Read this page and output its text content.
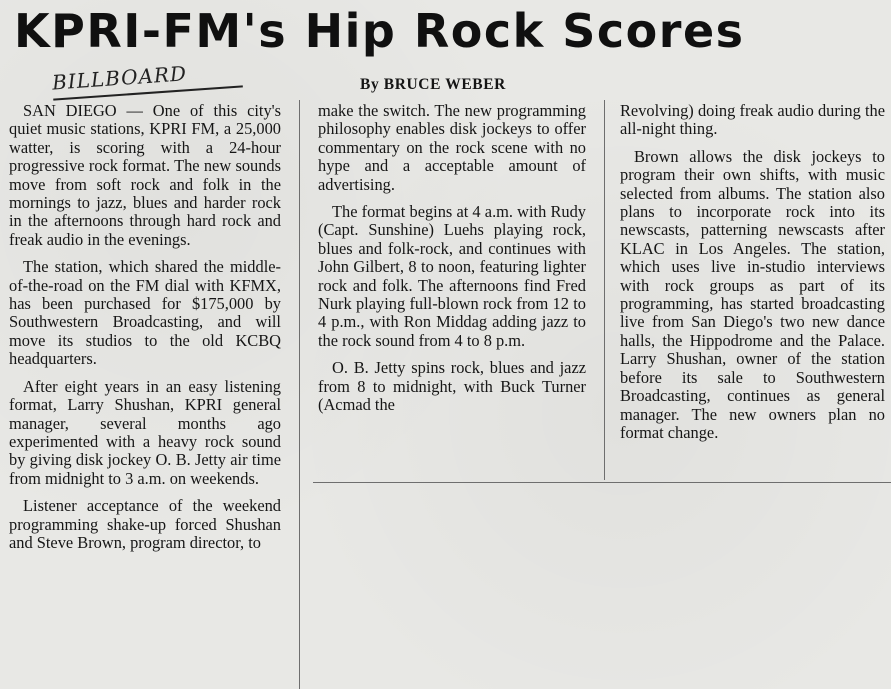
KPRI-FM's Hip Rock Scores
BILLBOARD	By BRUCE WEBER

SAN DIEGO — One of this city's quiet music stations, KPRI FM, a 25,000 watter, is scoring with a 24-hour progressive rock format. The new sounds move from soft rock and folk in the mornings to jazz, blues and harder rock in the afternoons through hard rock and freak audio in the evenings.

The station, which shared the middle-of-the-road on the FM dial with KFMX, has been purchased for $175,000 by Southwestern Broadcasting, and will move its studios to the old KCBQ headquarters.

After eight years in an easy listening format, Larry Shushan, KPRI general manager, several months ago experimented with a heavy rock sound by giving disk jockey O. B. Jetty air time from midnight to 3 a.m. on weekends.

Listener acceptance of the weekend programming shake-up forced Shushan and Steve Brown, program director, to

make the switch. The new programming philosophy enables disk jockeys to offer commentary on the rock scene with no hype and a acceptable amount of advertising.

The format begins at 4 a.m. with Rudy (Capt. Sunshine) Luehs playing rock, blues and folk-rock, and continues with John Gilbert, 8 to noon, featuring lighter rock and folk. The afternoons find Fred Nurk playing full-blown rock from 12 to 4 p.m., with Ron Middag adding jazz to the rock sound from 4 to 8 p.m.

O. B. Jetty spins rock, blues and jazz from 8 to midnight, with Buck Turner (Acmad the

Revolving) doing freak audio during the all-night thing.

Brown allows the disk jockeys to program their own shifts, with music selected from albums. The station also plans to incorporate rock into its newscasts, patterning newscasts after KLAC in Los Angeles. The station, which uses live in-studio interviews with rock groups as part of its programming, has started broadcasting live from San Diego's two new dance halls, the Hippodrome and the Palace. Larry Shushan, owner of the station before its sale to Southwestern Broadcasting, continues as general manager. The new owners plan no format change.
